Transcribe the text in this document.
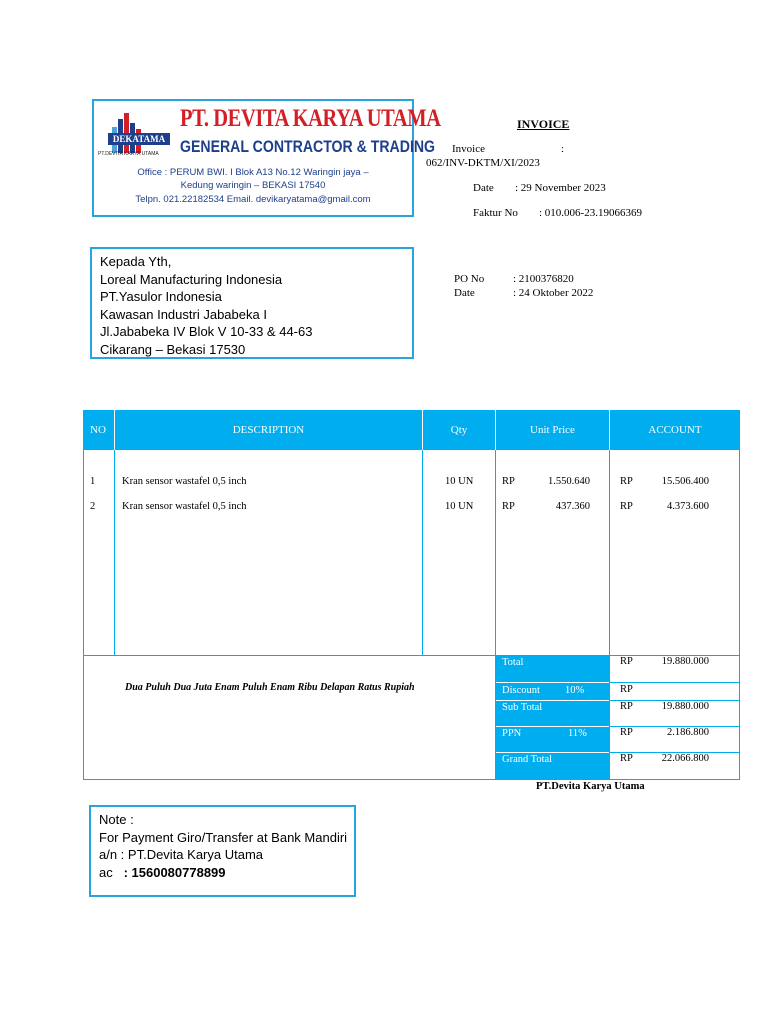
DEKATAMA
PT.DEVITA KARYA UTAMA
PT. DEVITA KARYA UTAMA
GENERAL CONTRACTOR & TRADING
Office : PERUM BWI. I Blok A13 No.12 Waringin jaya –
Kedung waringin – BEKASI 17540
Telpn. 021.22182534 Email. devikaryatama@gmail.com
INVOICE
Invoice	:
062/INV-DKTM/XI/2023
Date : 29 November 2023
Faktur No : 010.006-23.19066369
Kepada Yth,
Loreal Manufacturing Indonesia
PT.Yasulor Indonesia
Kawasan Industri Jababeka I
Jl.Jababeka IV Blok V 10-33 & 44-63
Cikarang – Bekasi 17530
PO No	: 2100376820
Date	: 24 Oktober 2022
NO	DESCRIPTION	Qty	Unit Price	ACCOUNT
1	Kran sensor wastafel 0,5 inch	10 UN	RP	1.550.640	RP	15.506.400
2	Kran sensor wastafel 0,5 inch	10 UN	RP	437.360	RP	4.373.600
Dua Puluh Dua Juta Enam Puluh Enam Ribu Delapan Ratus Rupiah
Total	RP	19.880.000
Discount 10%	RP
Sub Total	RP	19.880.000
PPN	11%	RP	2.186.800
Grand Total	RP	22.066.800
PT.Devita Karya Utama
Note :
For Payment Giro/Transfer at Bank Mandiri
a/n : PT.Devita Karya Utama
ac : 1560080778899
